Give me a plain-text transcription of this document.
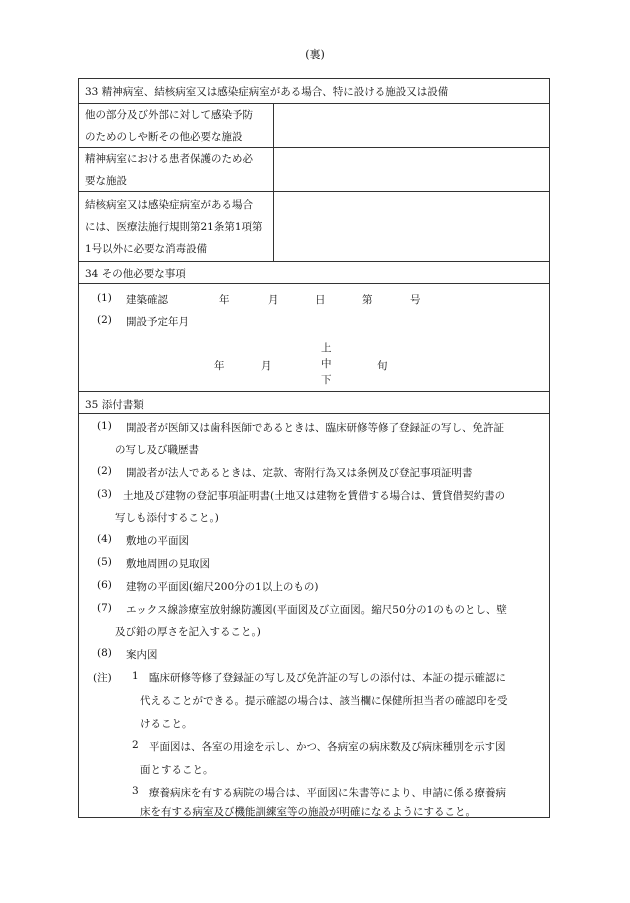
(裏)
33 精神病室、結核病室又は感染症病室がある場合、特に設ける施設又は設備
他の部分及び外部に対して感染予防
のためのしや断その他必要な施設
精神病室における患者保護のため必
要な施設
結核病室又は感染症病室がある場合
には、医療法施行規則第21条第1項第
1号以外に必要な消毒設備
34 その他必要な事項
(1) 建築確認	年	月	日	第	号
(2) 開設予定年月
年	月
上
中
下
旬
35 添付書類
(1) 開設者が医師又は歯科医師であるときは、臨床研修等修了登録証の写し、免許証
の写し及び職歴書
(2) 開設者が法人であるときは、定款、寄附行為又は条例及び登記事項証明書
(3) 土地及び建物の登記事項証明書(土地又は建物を賃借する場合は、賃貸借契約書の
写しも添付すること。)
(4) 敷地の平面図
(5) 敷地周囲の見取図
(6) 建物の平面図(縮尺200分の1以上のもの)
(7) エックス線診療室放射線防護図(平面図及び立面図。縮尺50分の1のものとし、壁
及び鉛の厚さを記入すること。)
(8) 案内図
(注) 1 臨床研修等修了登録証の写し及び免許証の写しの添付は、本証の提示確認に
代えることができる。提示確認の場合は、該当欄に保健所担当者の確認印を受
けること。
2 平面図は、各室の用途を示し、かつ、各病室の病床数及び病床種別を示す図
面とすること。
3 療養病床を有する病院の場合は、平面図に朱書等により、申請に係る療養病
床を有する病室及び機能訓練室等の施設が明確になるようにすること。
